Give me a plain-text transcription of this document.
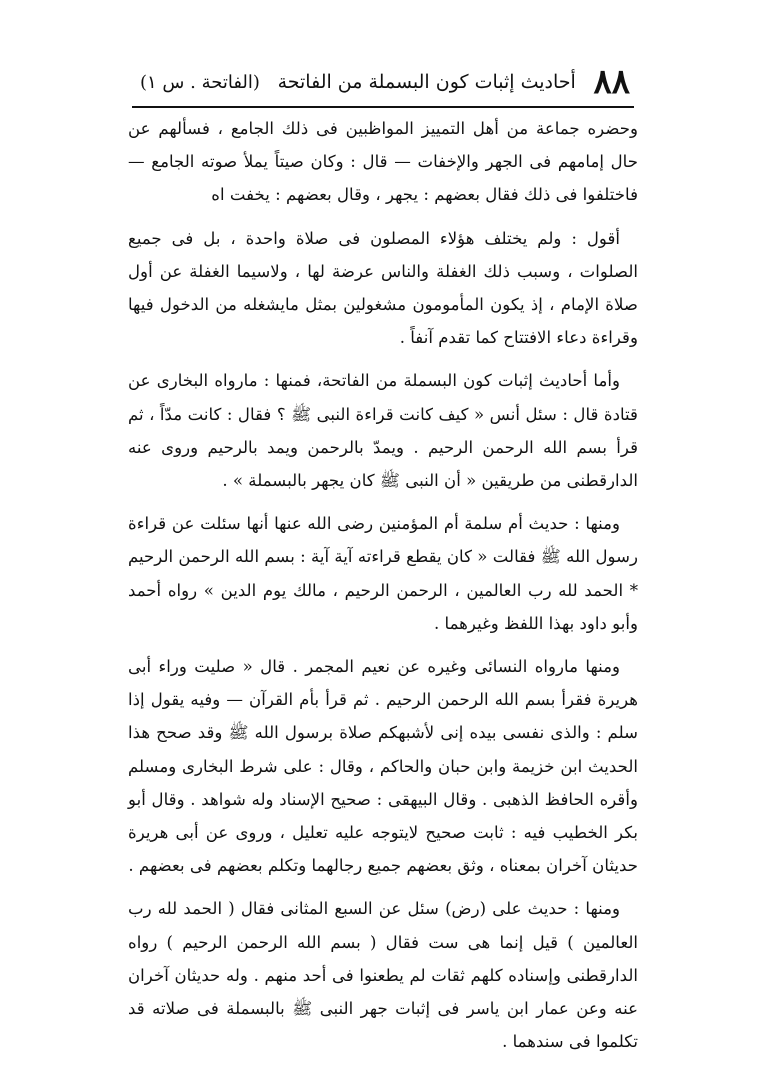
٨٨
أحاديث إثبات كون البسملة من الفاتحة
(الفاتحة . س ١)

وحضره جماعة من أهل التمييز المواظبين فى ذلك الجامع ، فسألهم عن حال إمامهم فى الجهر والإخفات — قال : وكان صيتاً يملأ صوته الجامع — فاختلفوا فى ذلك فقال بعضهم : يجهر ، وقال بعضهم : يخفت اه

أقول : ولم يختلف هؤلاء المصلون فى صلاة واحدة ، بل فى جميع الصلوات ، وسبب ذلك الغفلة والناس عرضة لها ، ولاسيما الغفلة عن أول صلاة الإمام ، إذ يكون المأمومون مشغولين بمثل مايشغله من الدخول فيها وقراءة دعاء الافتتاح كما تقدم آنفاً .

وأما أحاديث إثبات كون البسملة من الفاتحة، فمنها : مارواه البخارى عن قتادة قال : سئل أنس « كيف كانت قراءة النبى ﷺ ؟ فقال : كانت مدّاً ، ثم قرأ بسم الله الرحمن الرحيم . ويمدّ بالرحمن ويمد بالرحيم وروى عنه الدارقطنى من طريقين « أن النبى ﷺ كان يجهر بالبسملة » .

ومنها : حديث أم سلمة أم المؤمنين رضى الله عنها أنها سئلت عن قراءة رسول الله ﷺ فقالت « كان يقطع قراءته آية آية : بسم الله الرحمن الرحيم * الحمد لله رب العالمين ، الرحمن الرحيم ، مالك يوم الدين » رواه أحمد وأبو داود بهذا اللفظ وغيرهما .

ومنها مارواه النسائى وغيره عن نعيم المجمر . قال « صليت وراء أبى هريرة فقرأ بسم الله الرحمن الرحيم . ثم قرأ بأم القرآن — وفيه يقول إذا سلم : والذى نفسى بيده إنى لأشبهكم صلاة برسول الله ﷺ وقد صحح هذا الحديث ابن خزيمة وابن حبان والحاكم ، وقال : على شرط البخارى ومسلم وأقره الحافظ الذهبى . وقال البيهقى : صحيح الإسناد وله شواهد . وقال أبو بكر الخطيب فيه : ثابت صحيح لايتوجه عليه تعليل ، وروى عن أبى هريرة حديثان آخران بمعناه ، وثق بعضهم جميع رجالهما وتكلم بعضهم فى بعضهم .

ومنها : حديث على (رض) سئل عن السبع المثانى فقال ( الحمد لله رب العالمين ) قيل إنما هى ست فقال ( بسم الله الرحمن الرحيم ) رواه الدارقطنى وإسناده كلهم ثقات لم يطعنوا فى أحد منهم . وله حديثان آخران عنه وعن عمار ابن ياسر فى إثبات جهر النبى ﷺ بالبسملة فى صلاته قد تكلموا فى سندهما .
